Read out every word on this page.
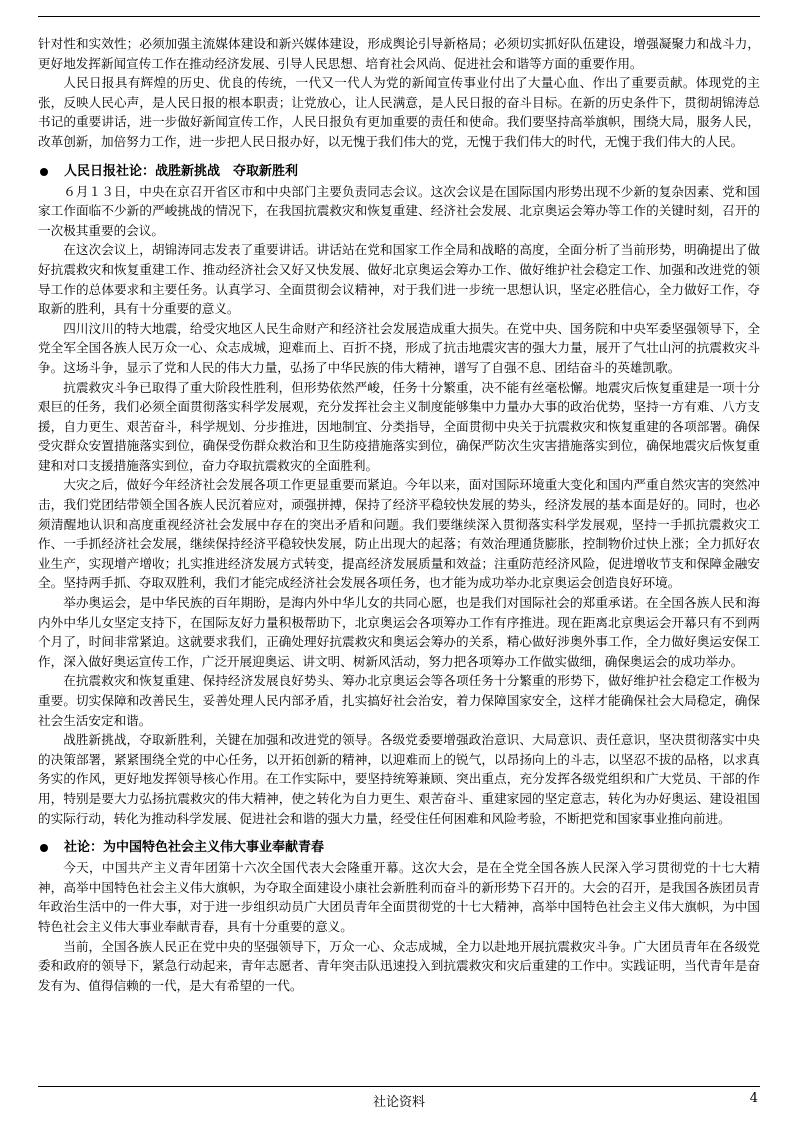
针对性和实效性；必须加强主流媒体建设和新兴媒体建设，形成舆论引导新格局；必须切实抓好队伍建设，增强凝聚力和战斗力，更好地发挥新闻宣传工作在推动经济发展、引导人民思想、培育社会风尚、促进社会和谐等方面的重要作用。

人民日报具有辉煌的历史、优良的传统，一代又一代人为党的新闻宣传事业付出了大量心血、作出了重要贡献。体现党的主张，反映人民心声，是人民日报的根本职责；让党放心，让人民满意，是人民日报的奋斗目标。在新的历史条件下，贯彻胡锦涛总书记的重要讲话，进一步做好新闻宣传工作，人民日报负有更加重要的责任和使命。我们要坚持高举旗帜，围绕大局，服务人民，改革创新，加倍努力工作，进一步把人民日报办好，以无愧于我们伟大的党，无愧于我们伟大的时代，无愧于我们伟大的人民。

人民日报社论：战胜新挑战　夺取新胜利

６月１３日，中央在京召开省区市和中央部门主要负责同志会议。这次会议是在国际国内形势出现不少新的复杂因素、党和国家工作面临不少新的严峻挑战的情况下，在我国抗震救灾和恢复重建、经济社会发展、北京奥运会筹办等工作的关键时刻，召开的一次极其重要的会议。

在这次会议上，胡锦涛同志发表了重要讲话。讲话站在党和国家工作全局和战略的高度，全面分析了当前形势，明确提出了做好抗震救灾和恢复重建工作、推动经济社会又好又快发展、做好北京奥运会筹办工作、做好维护社会稳定工作、加强和改进党的领导工作的总体要求和主要任务。认真学习、全面贯彻会议精神，对于我们进一步统一思想认识，坚定必胜信心，全力做好工作，夺取新的胜利，具有十分重要的意义。

四川汶川的特大地震，给受灾地区人民生命财产和经济社会发展造成重大损失。在党中央、国务院和中央军委坚强领导下，全党全军全国各族人民万众一心、众志成城，迎难而上、百折不挠，形成了抗击地震灾害的强大力量，展开了气壮山河的抗震救灾斗争。这场斗争，显示了党和人民的伟大力量，弘扬了中华民族的伟大精神，谱写了自强不息、团结奋斗的英雄凯歌。

抗震救灾斗争已取得了重大阶段性胜利，但形势依然严峻，任务十分繁重，决不能有丝毫松懈。地震灾后恢复重建是一项十分艰巨的任务，我们必须全面贯彻落实科学发展观，充分发挥社会主义制度能够集中力量办大事的政治优势，坚持一方有难、八方支援，自力更生、艰苦奋斗，科学规划、分步推进，因地制宜、分类指导，全面贯彻中央关于抗震救灾和恢复重建的各项部署。确保受灾群众安置措施落实到位，确保受伤群众救治和卫生防疫措施落实到位，确保严防次生灾害措施落实到位，确保地震灾后恢复重建和对口支援措施落实到位，奋力夺取抗震救灾的全面胜利。

大灾之后，做好今年经济社会发展各项工作更显重要而紧迫。今年以来，面对国际环境重大变化和国内严重自然灾害的突然冲击，我们党团结带领全国各族人民沉着应对，顽强拼搏，保持了经济平稳较快发展的势头，经济发展的基本面是好的。同时，也必须清醒地认识和高度重视经济社会发展中存在的突出矛盾和问题。我们要继续深入贯彻落实科学发展观，坚持一手抓抗震救灾工作、一手抓经济社会发展，继续保持经济平稳较快发展，防止出现大的起落；有效治理通货膨胀，控制物价过快上涨；全力抓好农业生产，实现增产增收；扎实推进经济发展方式转变，提高经济发展质量和效益；注重防范经济风险，促进增收节支和保障金融安全。坚持两手抓、夺取双胜利，我们才能完成经济社会发展各项任务，也才能为成功举办北京奥运会创造良好环境。

举办奥运会，是中华民族的百年期盼，是海内外中华儿女的共同心愿，也是我们对国际社会的郑重承诺。在全国各族人民和海内外中华儿女坚定支持下，在国际友好力量积极帮助下，北京奥运会各项筹办工作有序推进。现在距离北京奥运会开幕只有不到两个月了，时间非常紧迫。这就要求我们，正确处理好抗震救灾和奥运会筹办的关系，精心做好涉奥外事工作，全力做好奥运安保工作，深入做好奥运宣传工作，广泛开展迎奥运、讲文明、树新风活动，努力把各项筹办工作做实做细，确保奥运会的成功举办。

在抗震救灾和恢复重建、保持经济发展良好势头、筹办北京奥运会等各项任务十分繁重的形势下，做好维护社会稳定工作极为重要。切实保障和改善民生，妥善处理人民内部矛盾，扎实搞好社会治安，着力保障国家安全，这样才能确保社会大局稳定，确保社会生活安定和谐。

战胜新挑战，夺取新胜利，关键在加强和改进党的领导。各级党委要增强政治意识、大局意识、责任意识，坚决贯彻落实中央的决策部署，紧紧围绕全党的中心任务，以开拓创新的精神，以迎难而上的锐气，以昂扬向上的斗志，以坚忍不拔的品格，以求真务实的作风，更好地发挥领导核心作用。在工作实际中，要坚持统筹兼顾、突出重点，充分发挥各级党组织和广大党员、干部的作用，特别是要大力弘扬抗震救灾的伟大精神，使之转化为自力更生、艰苦奋斗、重建家园的坚定意志，转化为办好奥运、建设祖国的实际行动，转化为推动科学发展、促进社会和谐的强大力量，经受住任何困难和风险考验，不断把党和国家事业推向前进。

社论：为中国特色社会主义伟大事业奉献青春

今天，中国共产主义青年团第十六次全国代表大会隆重开幕。这次大会，是在全党全国各族人民深入学习贯彻党的十七大精神，高举中国特色社会主义伟大旗帜，为夺取全面建设小康社会新胜利而奋斗的新形势下召开的。大会的召开，是我国各族团员青年政治生活中的一件大事，对于进一步组织动员广大团员青年全面贯彻党的十七大精神，高举中国特色社会主义伟大旗帜，为中国特色社会主义伟大事业奉献青春，具有十分重要的意义。

当前，全国各族人民正在党中央的坚强领导下，万众一心、众志成城，全力以赴地开展抗震救灾斗争。广大团员青年在各级党委和政府的领导下，紧急行动起来，青年志愿者、青年突击队迅速投入到抗震救灾和灾后重建的工作中。实践证明，当代青年是奋发有为、值得信赖的一代，是大有希望的一代。

社论资料	4
